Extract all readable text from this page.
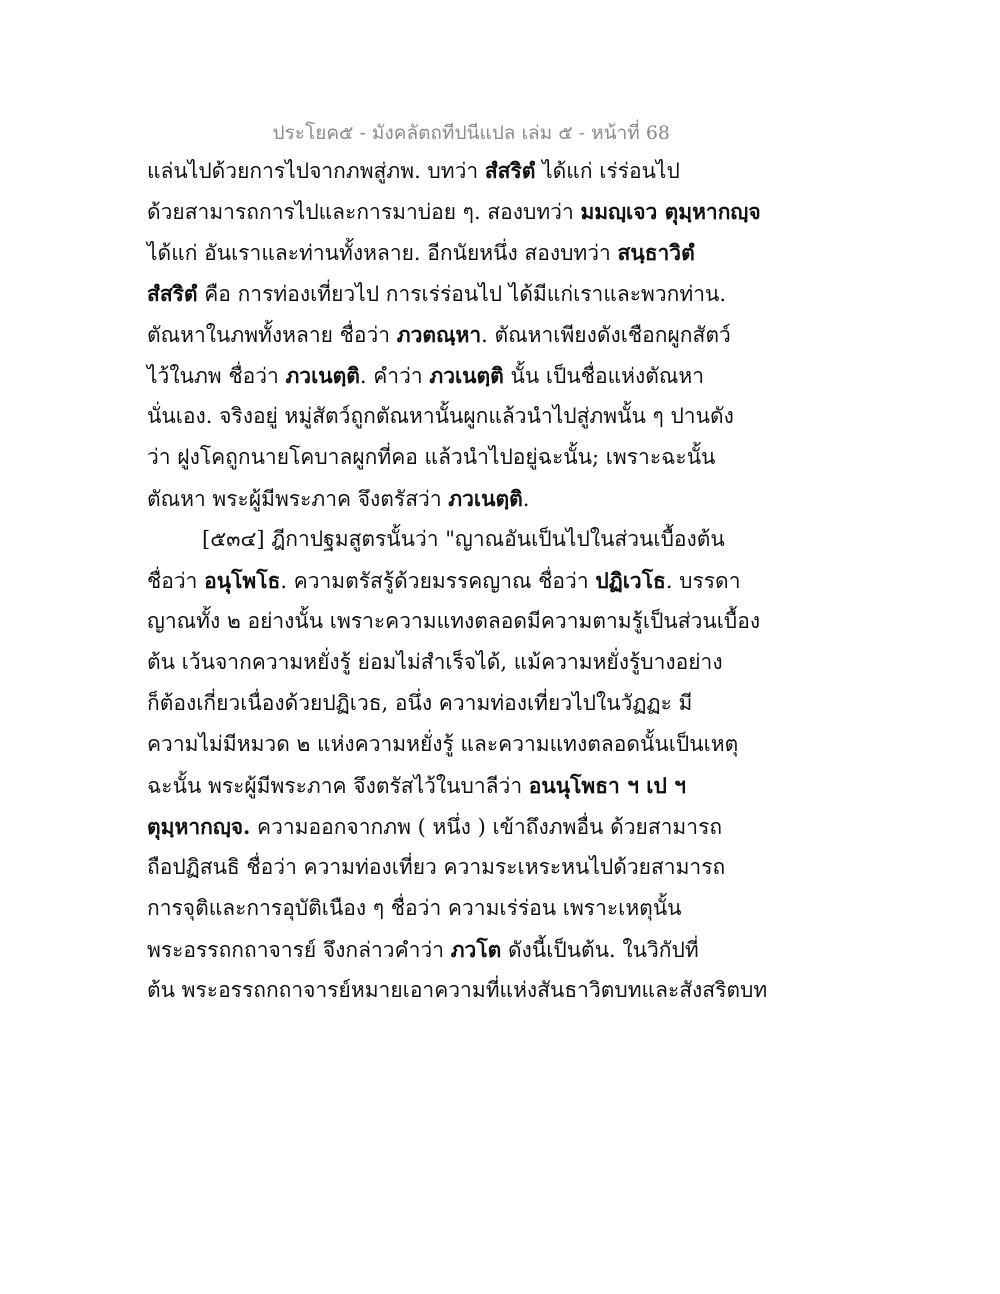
ประโยค๕ - มังคลัตถทีปนีแปล เล่ม ๕ - หน้าที่ 68
แล่นไปด้วยการไปจากภพสู่ภพ. บทว่า สํสริตํ ได้แก่ เร่ร่อนไป
ด้วยสามารถการไปและการมาบ่อย ๆ. สองบทว่า มมญฺเจว ตุมฺหากญฺจ
ได้แก่ อันเราและท่านทั้งหลาย. อีกนัยหนึ่ง สองบทว่า สนฺธาวิตํ
สํสริตํ คือ การท่องเที่ยวไป การเร่ร่อนไป ได้มีแก่เราและพวกท่าน.
ตัณหาในภพทั้งหลาย ชื่อว่า ภวตณฺหา. ตัณหาเพียงดังเชือกผูกสัตว์
ไว้ในภพ ชื่อว่า ภวเนตฺติ. คำว่า ภวเนตฺติ นั้น เป็นชื่อแห่งตัณหา
นั่นเอง. จริงอยู่ หมู่สัตว์ถูกตัณหานั้นผูกแล้วนำไปสู่ภพนั้น ๆ ปานดัง
ว่า ฝูงโคถูกนายโคบาลผูกที่คอ แล้วนำไปอยู่ฉะนั้น; เพราะฉะนั้น
ตัณหา พระผู้มีพระภาค จึงตรัสว่า ภวเนตฺติ.
[๕๓๔] ฎีกาปฐมสูตรนั้นว่า "ญาณอันเป็นไปในส่วนเบื้องต้น
ชื่อว่า อนุโพโธ. ความตรัสรู้ด้วยมรรคญาณ ชื่อว่า ปฏิเวโธ. บรรดา
ญาณทั้ง ๒ อย่างนั้น เพราะความแทงตลอดมีความตามรู้เป็นส่วนเบื้อง
ต้น เว้นจากความหยั่งรู้ ย่อมไม่สำเร็จได้, แม้ความหยั่งรู้บางอย่าง
ก็ต้องเกี่ยวเนื่องด้วยปฏิเวธ, อนึ่ง ความท่องเที่ยวไปในวัฏฏะ มี
ความไม่มีหมวด ๒ แห่งความหยั่งรู้ และความแทงตลอดนั้นเป็นเหตุ
ฉะนั้น พระผู้มีพระภาค จึงตรัสไว้ในบาลีว่า อนนุโพธา ฯ เป ฯ
ตุมฺหากญฺจ. ความออกจากภพ ( หนึ่ง ) เข้าถึงภพอื่น ด้วยสามารถ
ถือปฏิสนธิ ชื่อว่า ความท่องเที่ยว ความระเหระหนไปด้วยสามารถ
การจุติและการอุบัติเนือง ๆ ชื่อว่า ความเร่ร่อน เพราะเหตุนั้น
พระอรรถกถาจารย์ จึงกล่าวคำว่า ภวโต ดังนี้เป็นต้น. ในวิกัปที่
ต้น พระอรรถกถาจารย์หมายเอาความที่แห่งสันธาวิตบทและสังสริตบท
